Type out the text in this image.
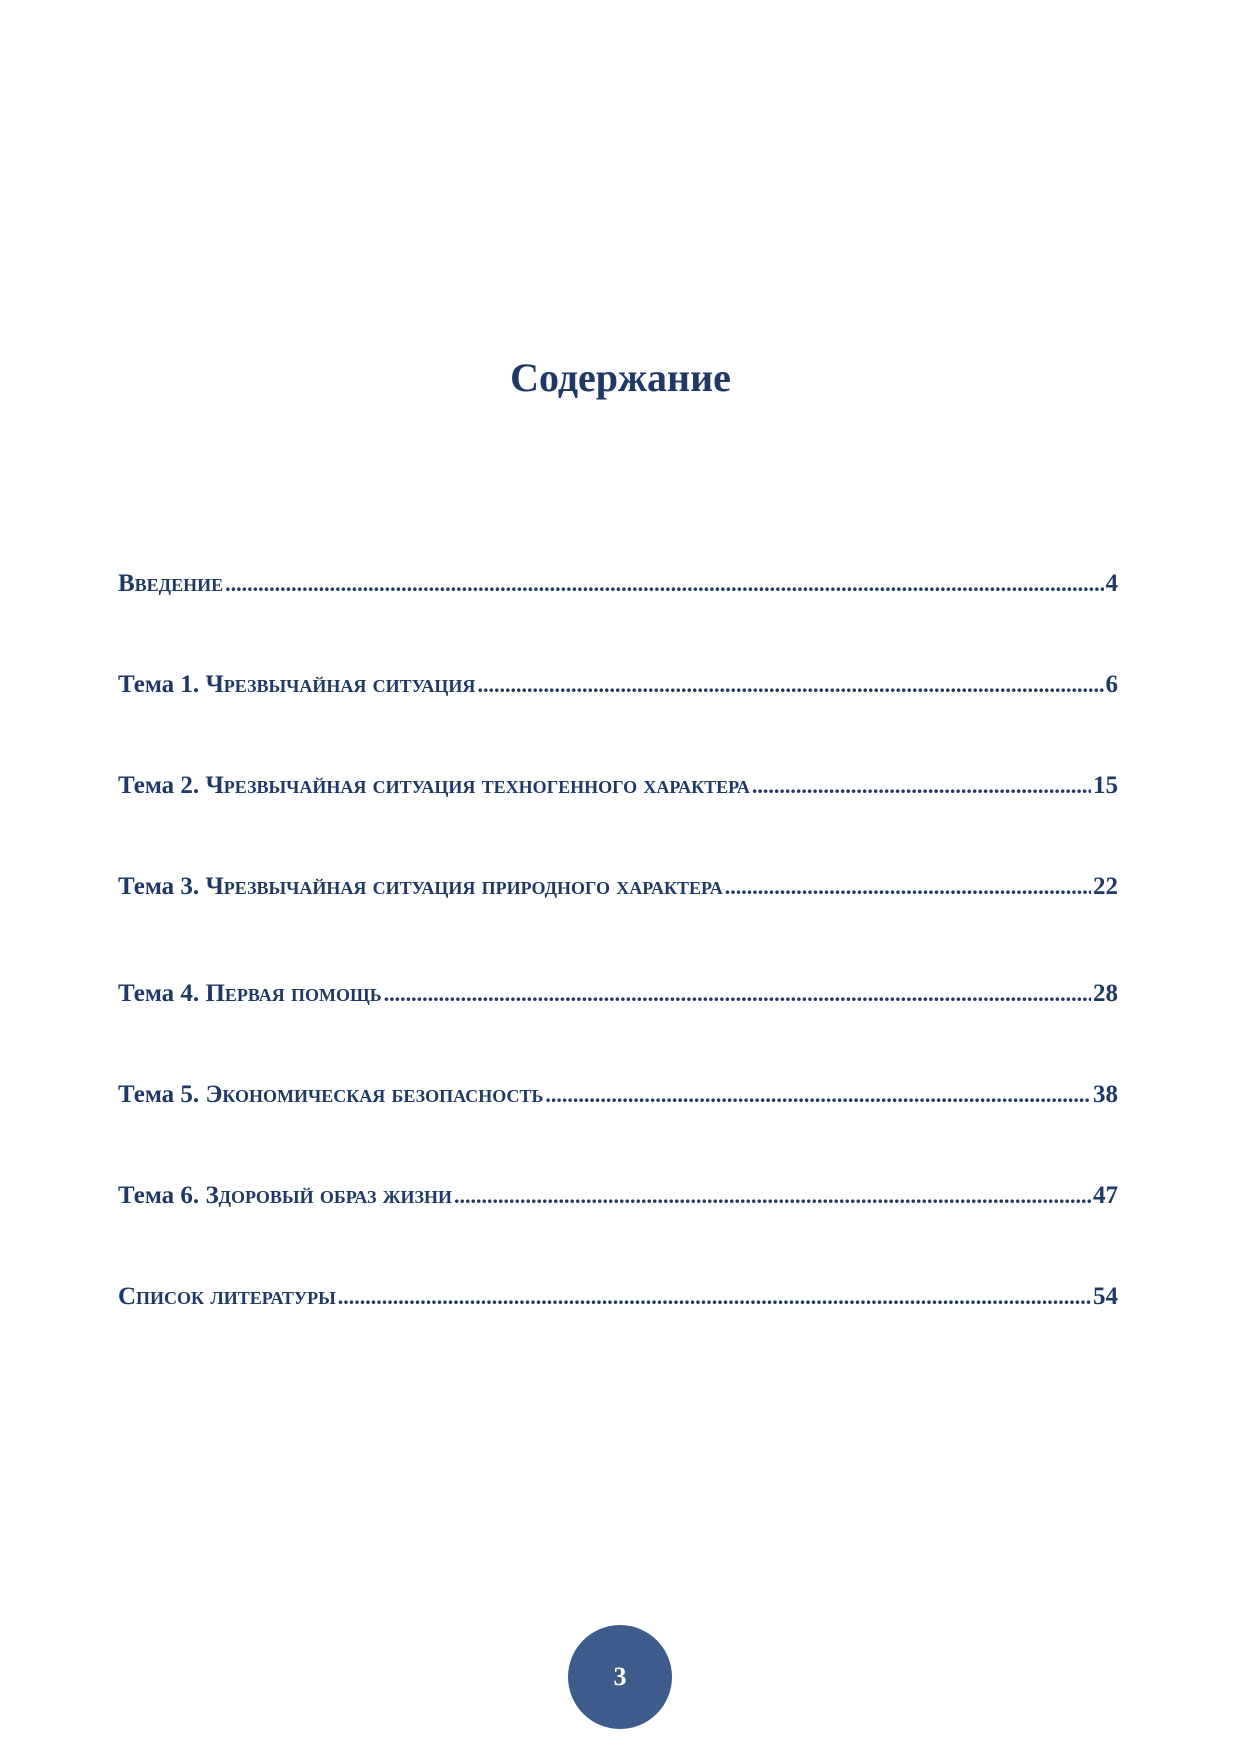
Содержание
Введение .....	4
Тема 1. Чрезвычайная ситуация .....	6
Тема 2. Чрезвычайная ситуация техногенного характера .....	15
Тема 3. Чрезвычайная ситуация природного характера .....	22
Тема 4. Первая помощь .....	28
Тема 5. Экономическая безопасность .....	38
Тема 6. Здоровый образ жизни .....	47
Список литературы .....	54
3
